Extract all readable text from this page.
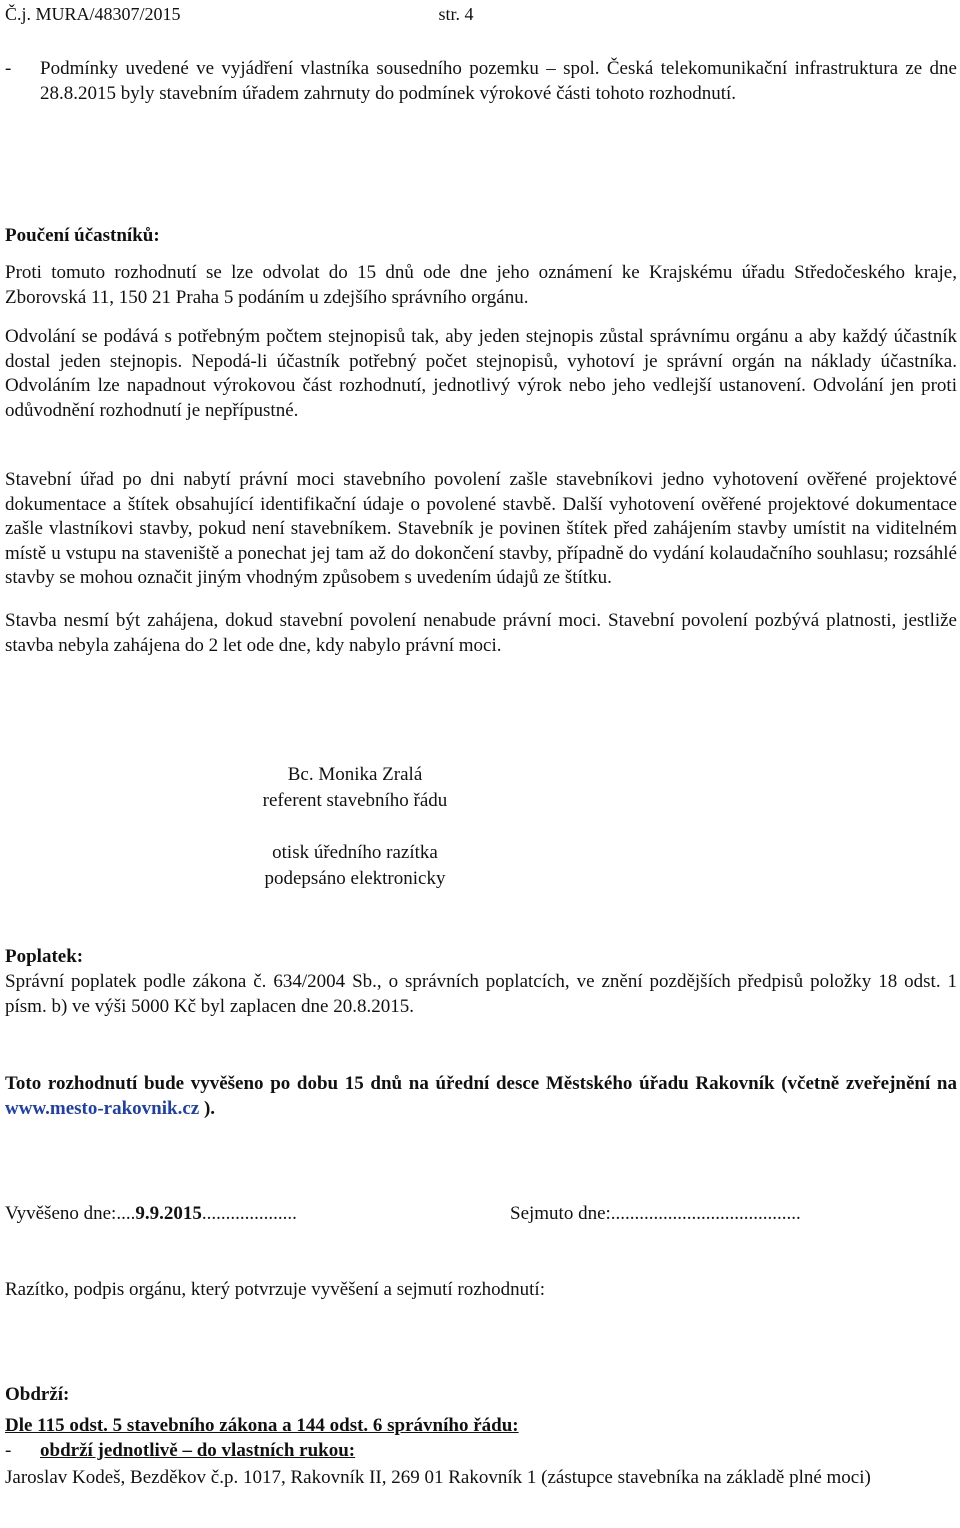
Č.j. MURA/48307/2015	str. 4
-	Podmínky uvedené ve vyjádření vlastníka sousedního pozemku – spol. Česká telekomunikační infrastruktura ze dne 28.8.2015 byly stavebním úřadem zahrnuty do podmínek výrokové části tohoto rozhodnutí.
Poučení účastníků:
Proti tomuto rozhodnutí se lze odvolat do 15 dnů ode dne jeho oznámení ke Krajskému úřadu Středočeského kraje, Zborovská 11, 150 21 Praha 5 podáním u zdejšího správního orgánu.
Odvolání se podává s potřebným počtem stejnopisů tak, aby jeden stejnopis zůstal správnímu orgánu a aby každý účastník dostal jeden stejnopis. Nepodá-li účastník potřebný počet stejnopisů, vyhotoví je správní orgán na náklady účastníka. Odvoláním lze napadnout výrokovou část rozhodnutí, jednotlivý výrok nebo jeho vedlejší ustanovení. Odvolání jen proti odůvodnění rozhodnutí je nepřípustné.
Stavební úřad po dni nabytí právní moci stavebního povolení zašle stavebníkovi jedno vyhotovení ověřené projektové dokumentace a štítek obsahující identifikační údaje o povolené stavbě. Další vyhotovení ověřené projektové dokumentace zašle vlastníkovi stavby, pokud není stavebníkem. Stavebník je povinen štítek před zahájením stavby umístit na viditelném místě u vstupu na staveniště a ponechat jej tam až do dokončení stavby, případně do vydání kolaudačního souhlasu; rozsáhlé stavby se mohou označit jiným vhodným způsobem s uvedením údajů ze štítku.
Stavba nesmí být zahájena, dokud stavební povolení nenabude právní moci. Stavební povolení pozbývá platnosti, jestliže stavba nebyla zahájena do 2 let ode dne, kdy nabylo právní moci.
Bc. Monika Zralá
referent stavebního řádu
otisk úředního razítka
podepsáno elektronicky
Poplatek:
Správní poplatek podle zákona č. 634/2004 Sb., o správních poplatcích, ve znění pozdějších předpisů položky 18 odst. 1 písm. b) ve výši 5000 Kč byl zaplacen dne 20.8.2015.
Toto rozhodnutí bude vyvěšeno po dobu 15 dnů na úřední desce Městského úřadu Rakovník (včetně zveřejnění na www.mesto-rakovnik.cz ).
Vyvěšeno dne:....9.9.2015....................	Sejmuto dne:........................................
Razítko, podpis orgánu, který potvrzuje vyvěšení a sejmutí rozhodnutí:
Obdrží:
Dle 115 odst. 5 stavebního zákona a 144 odst. 6 správního řádu:
-	obdrží jednotlivě – do vlastních rukou:
Jaroslav Kodeš, Bezděkov č.p. 1017, Rakovník II, 269 01 Rakovník 1 (zástupce stavebníka na základě plné moci)
